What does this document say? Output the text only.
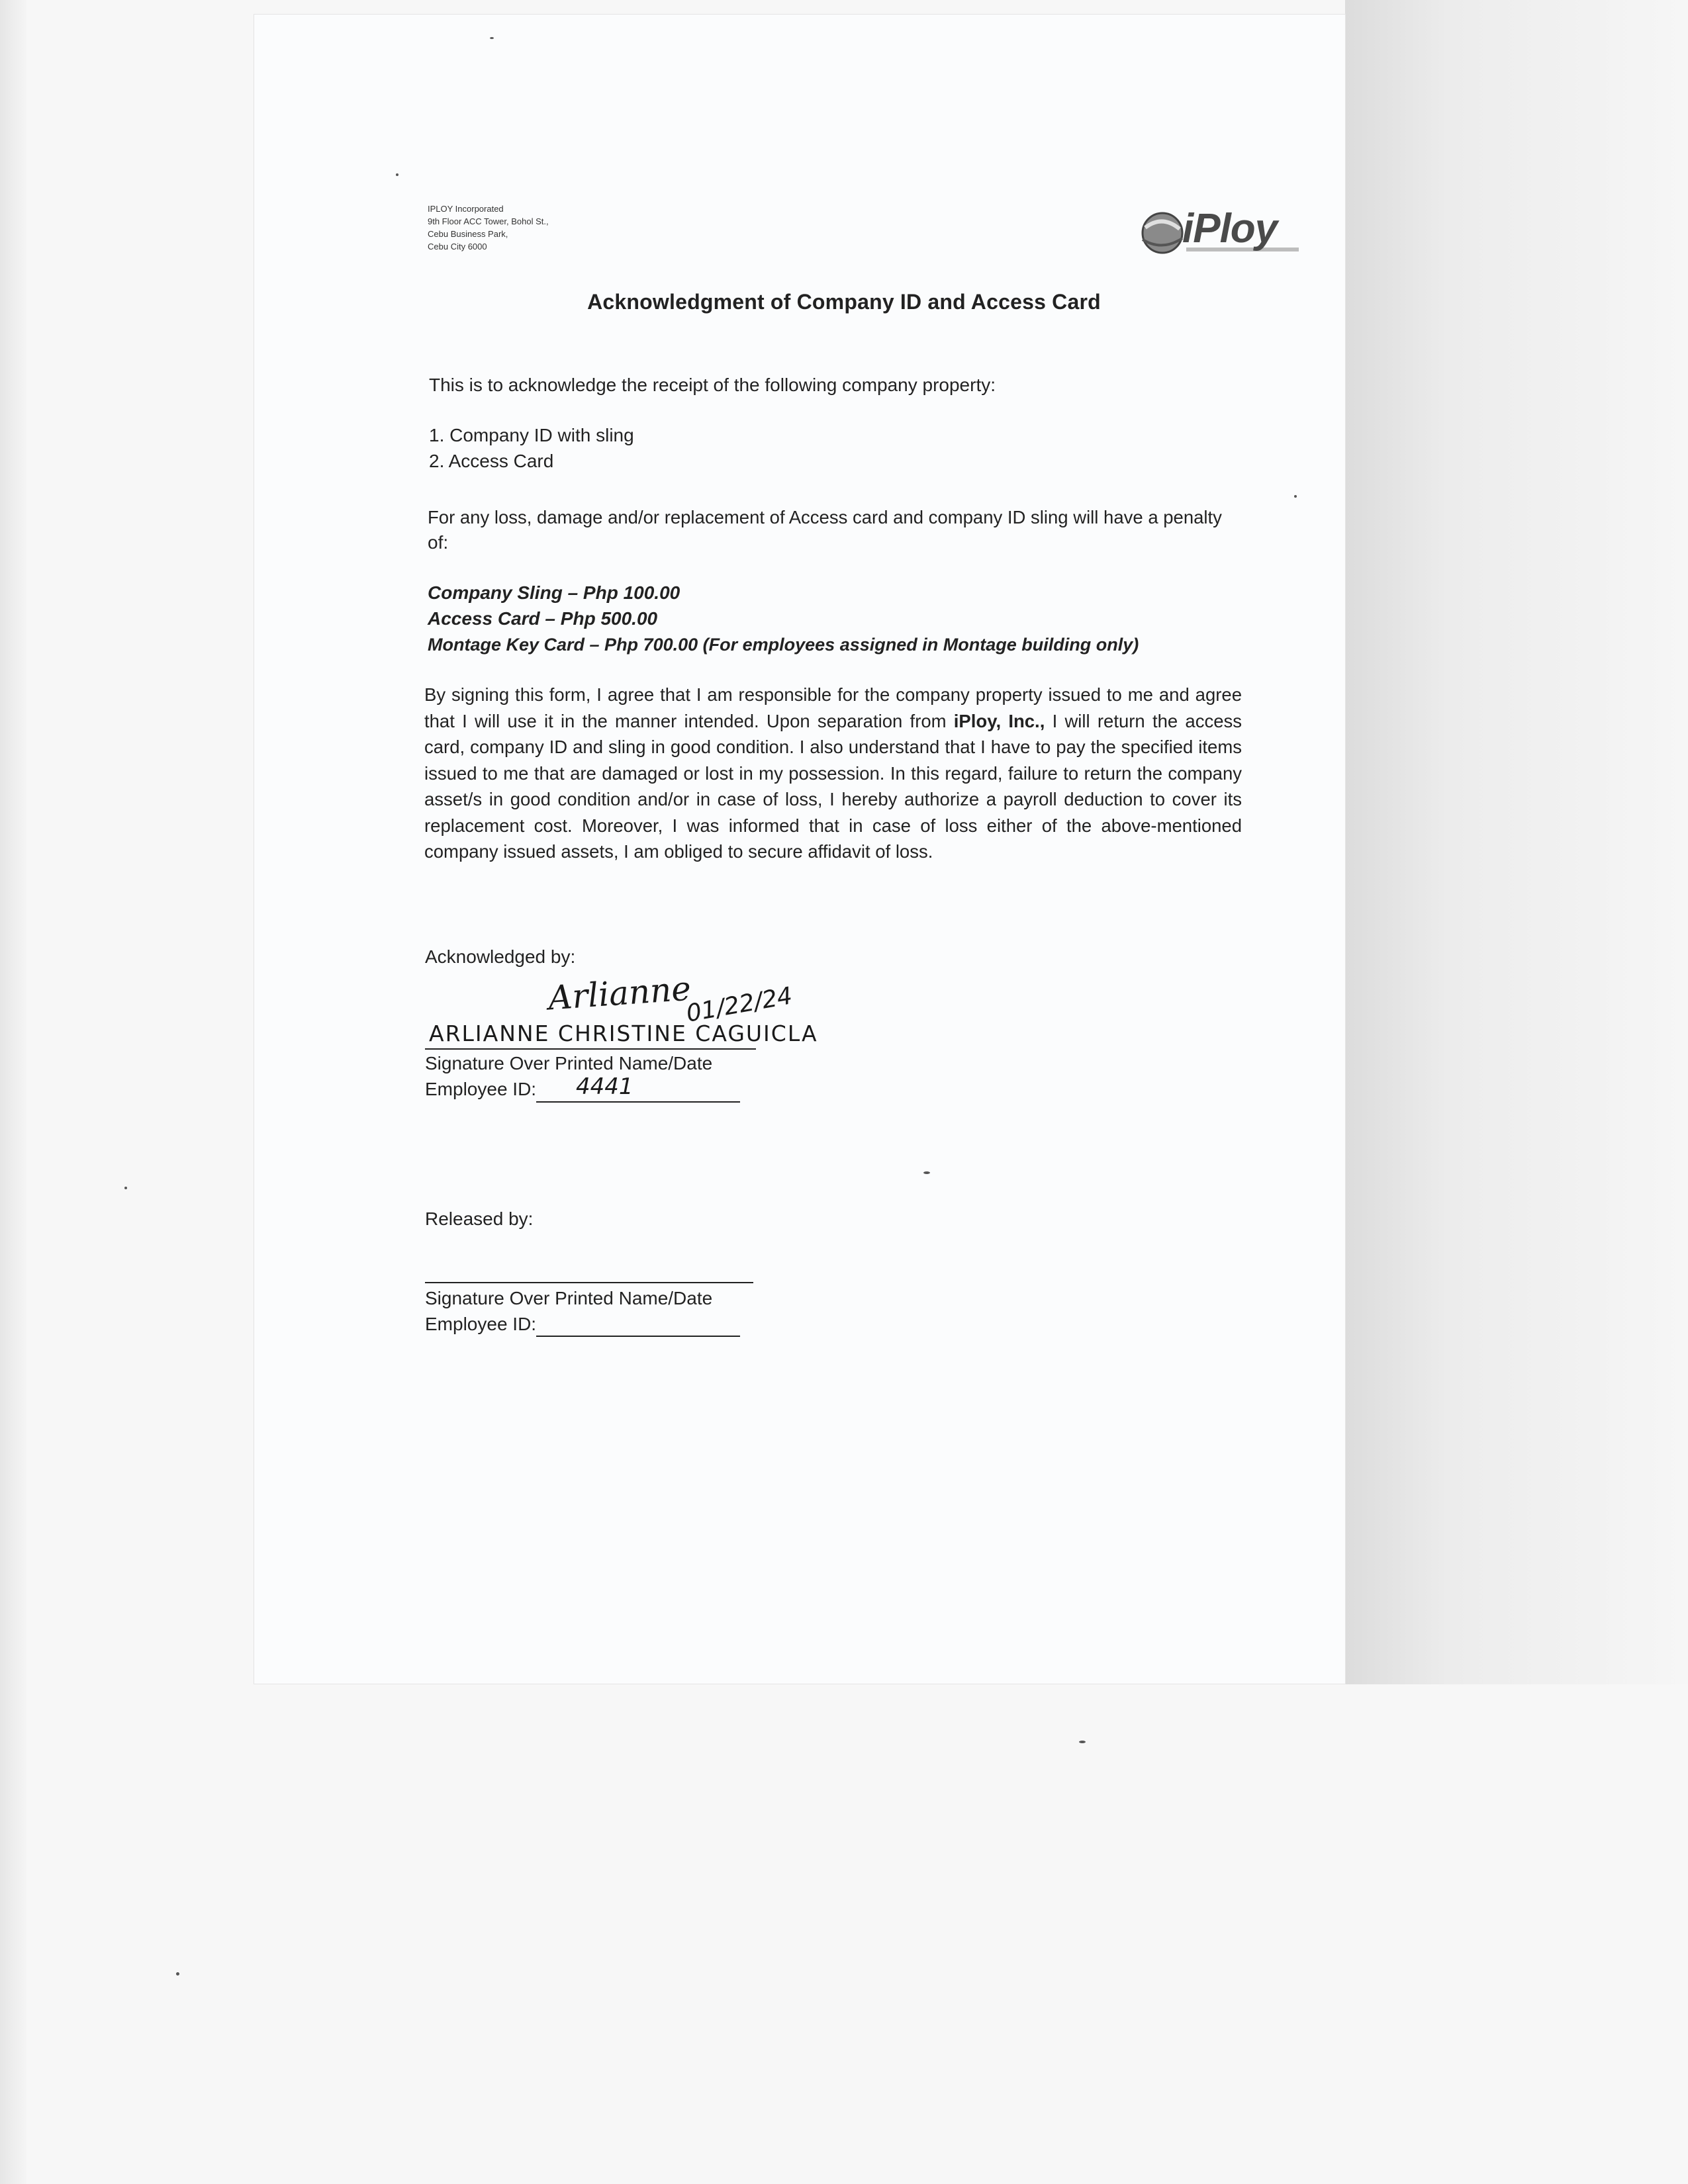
IPLOY Incorporated
9th Floor ACC Tower, Bohol St.,
Cebu Business Park,
Cebu City 6000	iPloy
Acknowledgment of Company ID and Access Card
This is to acknowledge the receipt of the following company property:
1. Company ID with sling
2. Access Card
For any loss, damage and/or replacement of Access card and company ID sling will have a penalty
of:
Company Sling – Php 100.00
Access Card – Php 500.00
Montage Key Card – Php 700.00 (For employees assigned in Montage building only)
By signing this form, I agree that I am responsible for the company property issued to me and agree that I will use it in the manner intended. Upon separation from iPloy, Inc., I will return the access card, company ID and sling in good condition. I also understand that I have to pay the specified items issued to me that are damaged or lost in my possession. In this regard, failure to return the company asset/s in good condition and/or in case of loss, I hereby authorize a payroll deduction to cover its replacement cost. Moreover, I was informed that in case of loss either of the above-mentioned company issued assets, I am obliged to secure affidavit of loss.
Acknowledged by:
Arlianne
01/22/24
ARLIANNE CHRISTINE CAGUICLA
Signature Over Printed Name/Date
Employee ID: 4441
Released by:
Signature Over Printed Name/Date
Employee ID:
